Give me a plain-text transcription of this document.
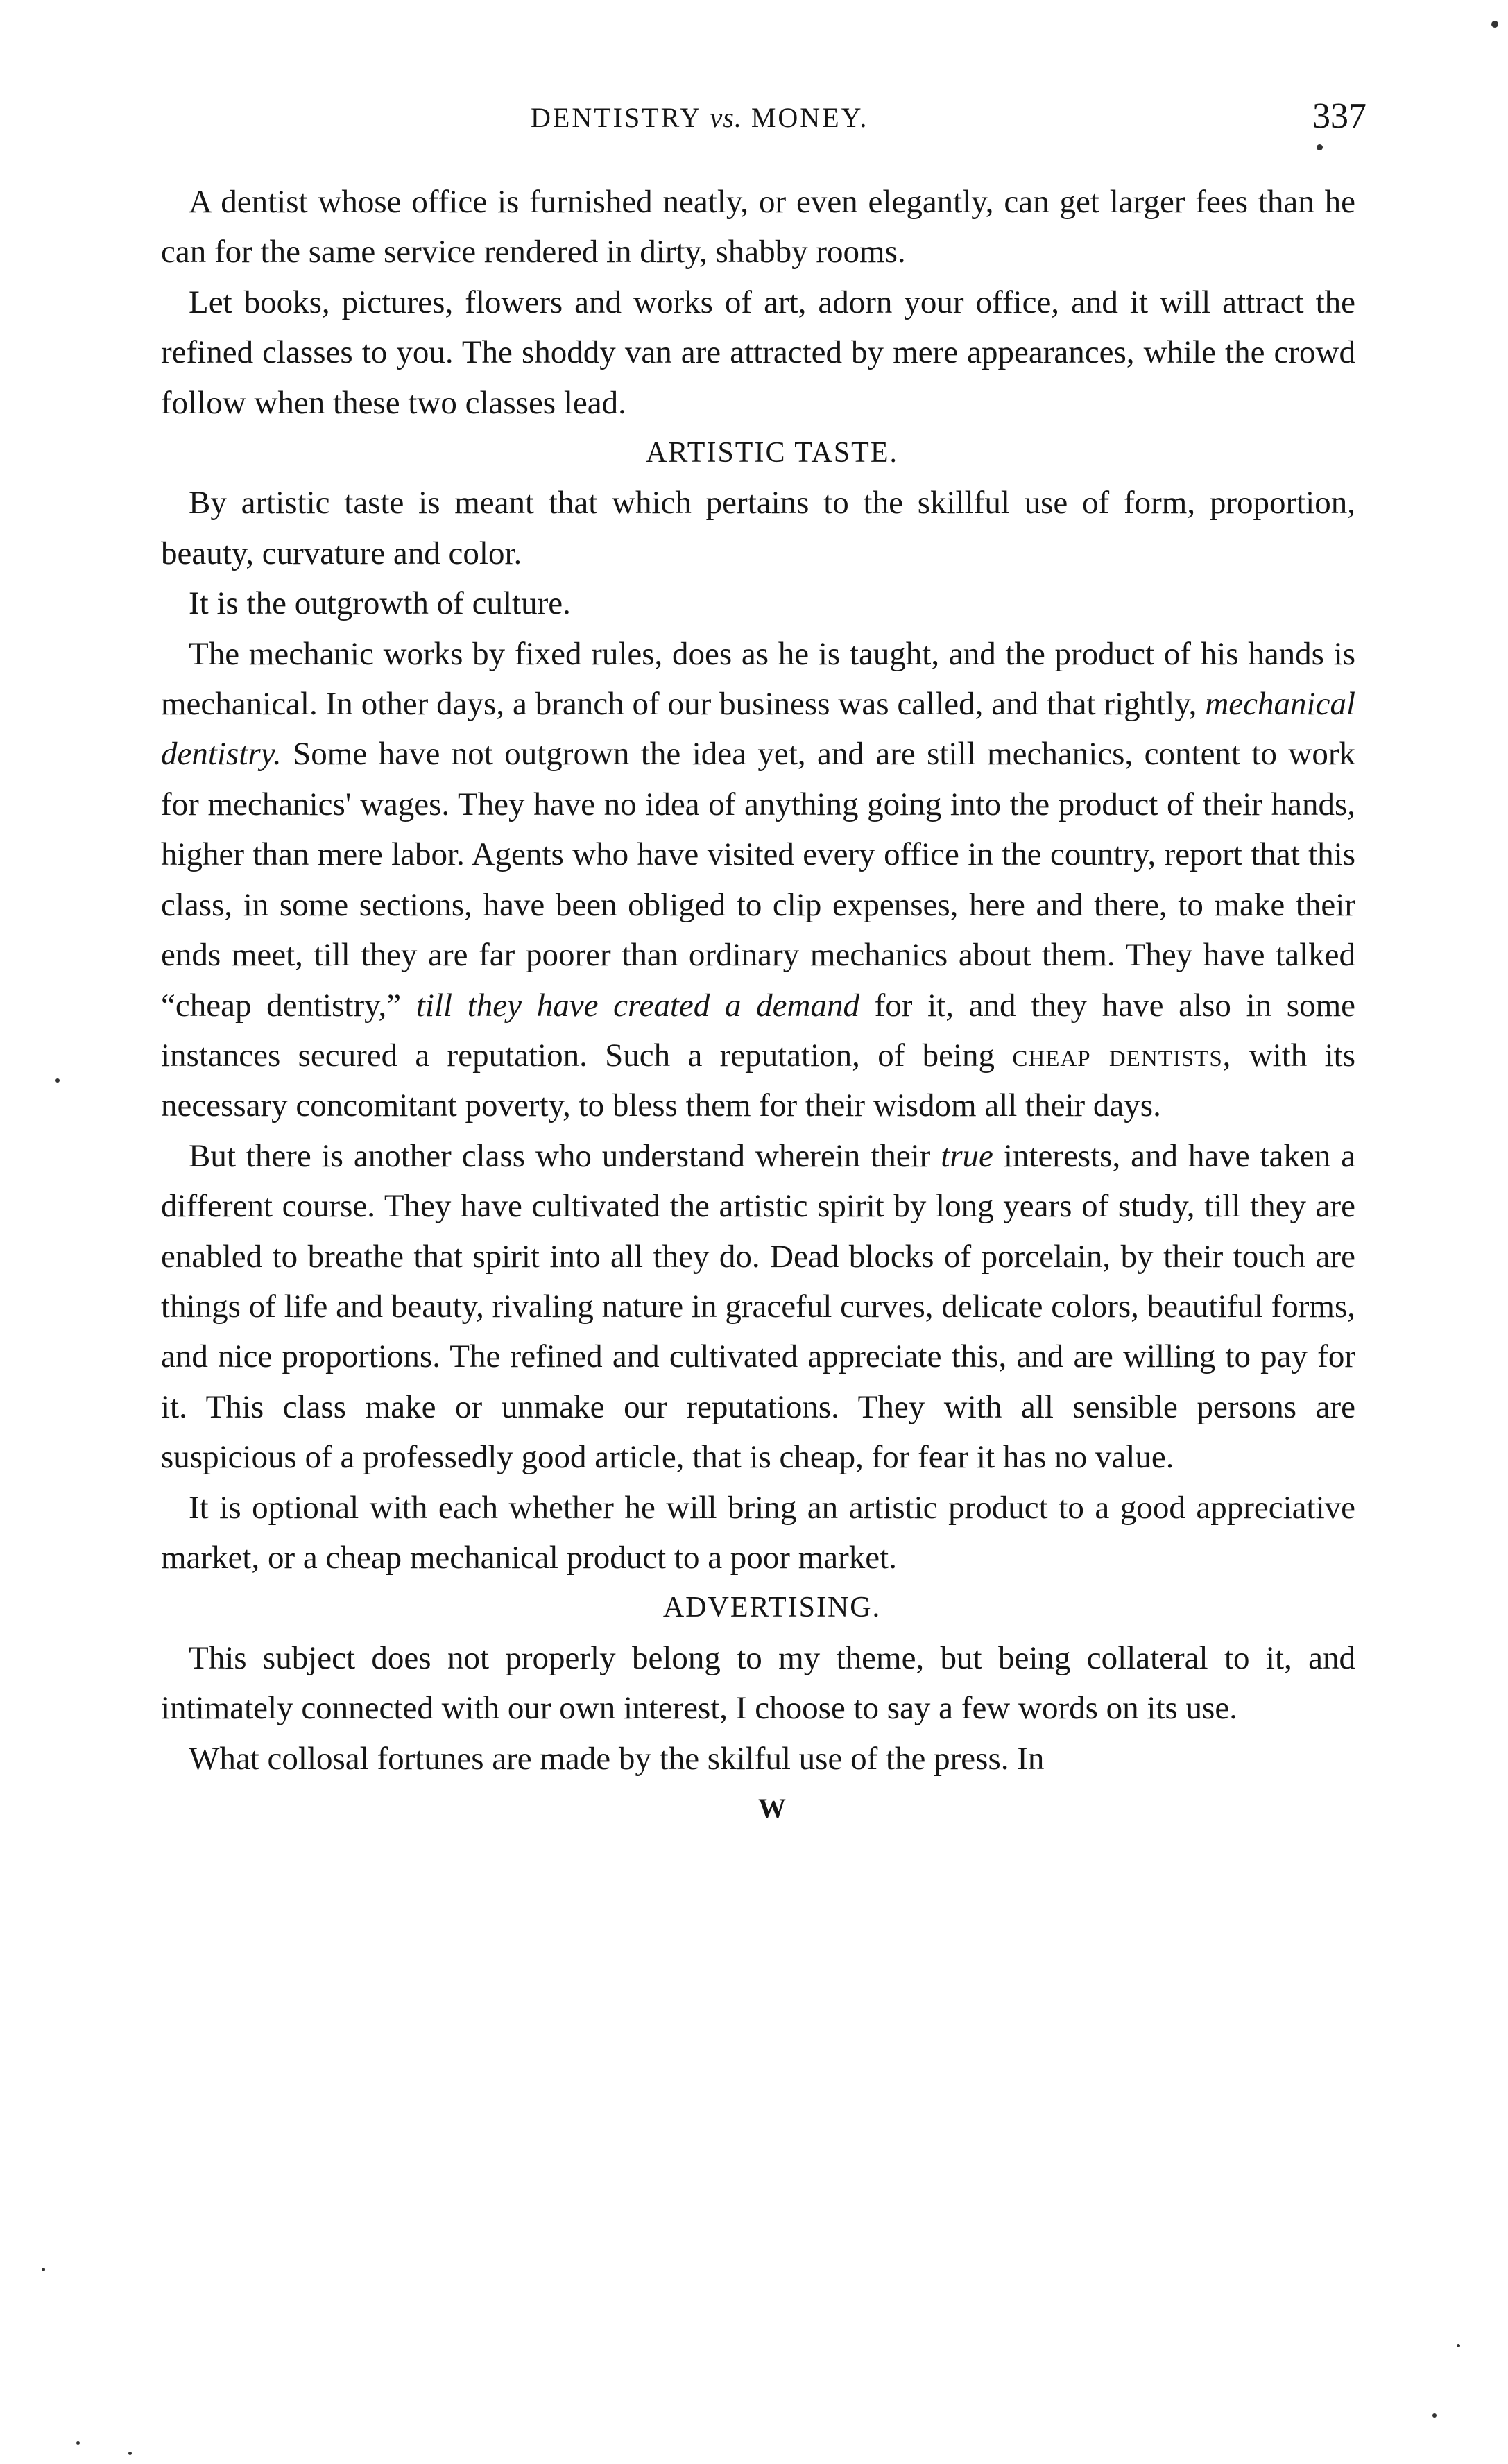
DENTISTRY vs. MONEY.	337

A dentist whose office is furnished neatly, or even elegantly, can get larger fees than he can for the same service rendered in dirty, shabby rooms.

Let books, pictures, flowers and works of art, adorn your office, and it will attract the refined classes to you. The shoddy van are attracted by mere appearances, while the crowd follow when these two classes lead.

ARTISTIC TASTE.

By artistic taste is meant that which pertains to the skillful use of form, proportion, beauty, curvature and color.

It is the outgrowth of culture.

The mechanic works by fixed rules, does as he is taught, and the product of his hands is mechanical. In other days, a branch of our business was called, and that rightly, mechanical dentistry. Some have not outgrown the idea yet, and are still mechanics, content to work for mechanics' wages. They have no idea of anything going into the product of their hands, higher than mere labor. Agents who have visited every office in the country, report that this class, in some sections, have been obliged to clip expenses, here and there, to make their ends meet, till they are far poorer than ordinary mechanics about them. They have talked “cheap dentistry,” till they have created a demand for it, and they have also in some instances secured a reputation. Such a reputation, of being cheap dentists, with its necessary concomitant poverty, to bless them for their wisdom all their days.

But there is another class who understand wherein their true interests, and have taken a different course. They have cultivated the artistic spirit by long years of study, till they are enabled to breathe that spirit into all they do. Dead blocks of porcelain, by their touch are things of life and beauty, rivaling nature in graceful curves, delicate colors, beautiful forms, and nice proportions. The refined and cultivated appreciate this, and are willing to pay for it. This class make or unmake our reputations. They with all sensible persons are suspicious of a professedly good article, that is cheap, for fear it has no value.

It is optional with each whether he will bring an artistic product to a good appreciative market, or a cheap mechanical product to a poor market.

ADVERTISING.

This subject does not properly belong to my theme, but being collateral to it, and intimately connected with our own interest, I choose to say a few words on its use.

What collosal fortunes are made by the skilful use of the press. In

W
